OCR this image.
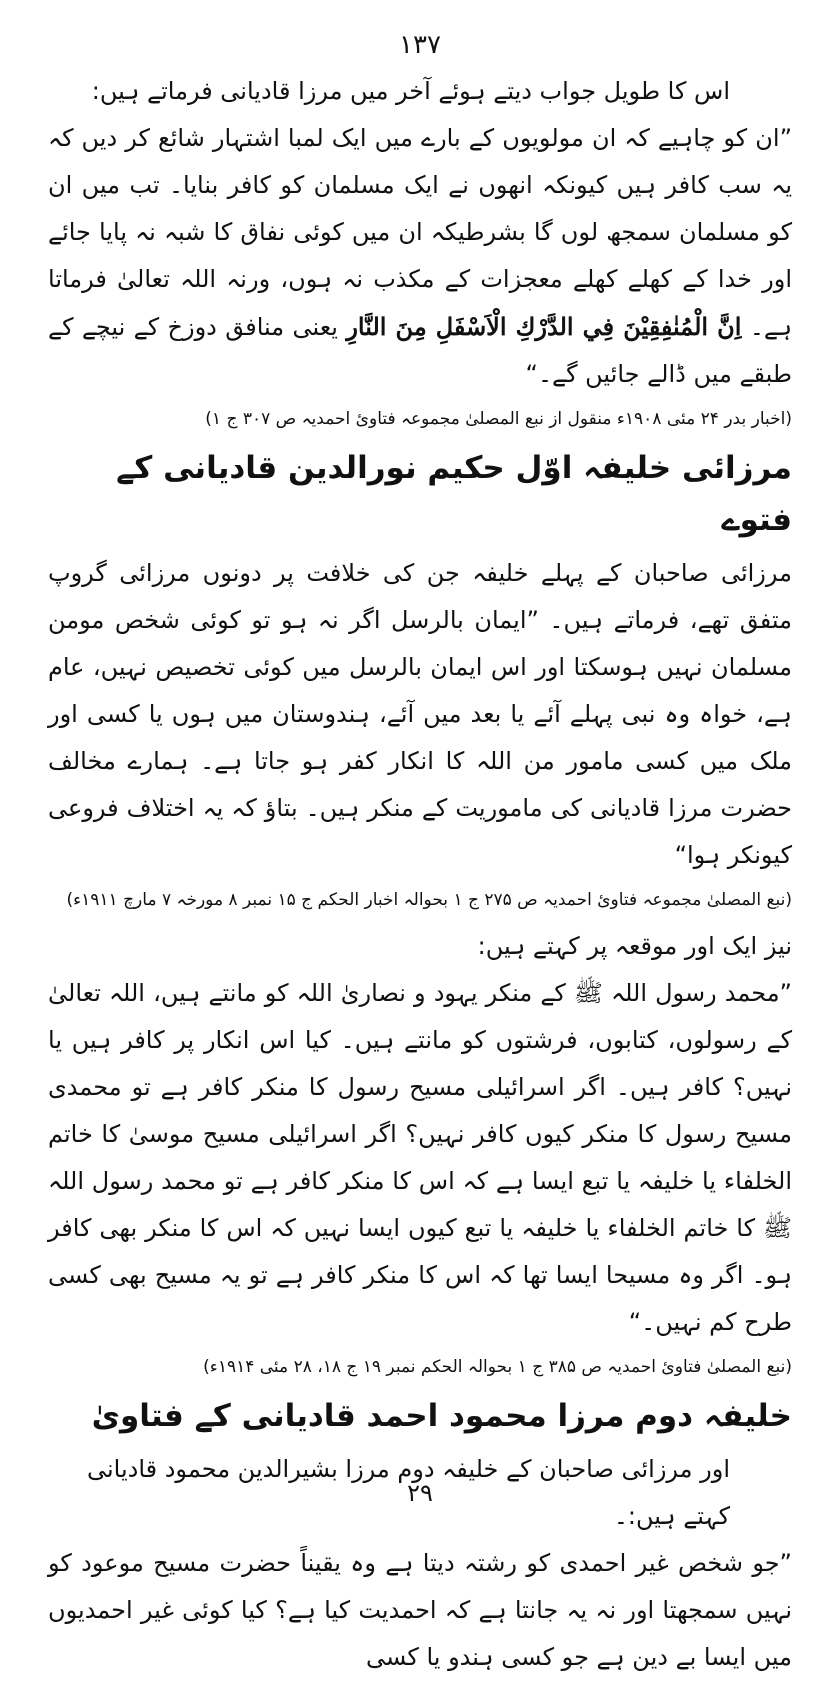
۱۳۷

اس کا طویل جواب دیتے ہوئے آخر میں مرزا قادیانی فرماتے ہیں:

”ان کو چاہیے کہ ان مولویوں کے بارے میں ایک لمبا اشتہار شائع کر دیں کہ یہ سب کافر ہیں کیونکہ انھوں نے ایک مسلمان کو کافر بنایا۔ تب میں ان کو مسلمان سمجھ لوں گا بشرطیکہ ان میں کوئی نفاق کا شبہ نہ پایا جائے اور خدا کے کھلے کھلے معجزات کے مکذب نہ ہوں، ورنہ اللہ تعالیٰ فرماتا ہے۔ اِنَّ الْمُنٰفِقِيْنَ فِي الدَّرْكِ الْاَسْفَلِ مِنَ النَّارِ یعنی منافق دوزخ کے نیچے کے طبقے میں ڈالے جائیں گے۔“

(اخبار بدر ۲۴ مئی ۱۹۰۸ء منقول از نبع المصلیٰ مجموعہ فتاوئ احمدیہ ص ۳۰۷ ج ۱)

مرزائی خلیفہ اوّل حکیم نورالدین قادیانی کے فتوے

مرزائی صاحبان کے پہلے خلیفہ جن کی خلافت پر دونوں مرزائی گروپ متفق تھے، فرماتے ہیں۔ ”ایمان بالرسل اگر نہ ہو تو کوئی شخص مومن مسلمان نہیں ہوسکتا اور اس ایمان بالرسل میں کوئی تخصیص نہیں، عام ہے، خواہ وہ نبی پہلے آئے یا بعد میں آئے، ہندوستان میں ہوں یا کسی اور ملک میں کسی مامور من اللہ کا انکار کفر ہو جاتا ہے۔ ہمارے مخالف حضرت مرزا قادیانی کی ماموریت کے منکر ہیں۔ بتاؤ کہ یہ اختلاف فروعی کیونکر ہوا“

(نبع المصلیٰ مجموعہ فتاوئ احمدیہ ص ۲۷۵ ج ۱ بحوالہ اخبار الحکم ج ۱۵ نمبر ۸ مورخہ ۷ مارچ ۱۹۱۱ء)

نیز ایک اور موقعہ پر کہتے ہیں:

”محمد رسول اللہ ﷺ کے منکر یہود و نصاریٰ اللہ کو مانتے ہیں، اللہ تعالیٰ کے رسولوں، کتابوں، فرشتوں کو مانتے ہیں۔ کیا اس انکار پر کافر ہیں یا نہیں؟ کافر ہیں۔ اگر اسرائیلی مسیح رسول کا منکر کافر ہے تو محمدی مسیح رسول کا منکر کیوں کافر نہیں؟ اگر اسرائیلی مسیح موسیٰ کا خاتم الخلفاء یا خلیفہ یا تبع ایسا ہے کہ اس کا منکر کافر ہے تو محمد رسول اللہ ﷺ کا خاتم الخلفاء یا خلیفہ یا تبع کیوں ایسا نہیں کہ اس کا منکر بھی کافر ہو۔ اگر وہ مسیحا ایسا تھا کہ اس کا منکر کافر ہے تو یہ مسیح بھی کسی طرح کم نہیں۔“

(نبع المصلیٰ فتاوئ احمدیہ ص ۳۸۵ ج ۱ بحوالہ الحکم نمبر ۱۹ ج ۱۸، ۲۸ مئی ۱۹۱۴ء)

خلیفہ دوم مرزا محمود احمد قادیانی کے فتاویٰ

اور مرزائی صاحبان کے خلیفہ دوم مرزا بشیرالدین محمود قادیانی کہتے ہیں:۔

”جو شخص غیر احمدی کو رشتہ دیتا ہے وہ یقیناً حضرت مسیح موعود کو نہیں سمجھتا اور نہ یہ جانتا ہے کہ احمدیت کیا ہے؟ کیا کوئی غیر احمدیوں میں ایسا بے دین ہے جو کسی ہندو یا کسی

۲۹
